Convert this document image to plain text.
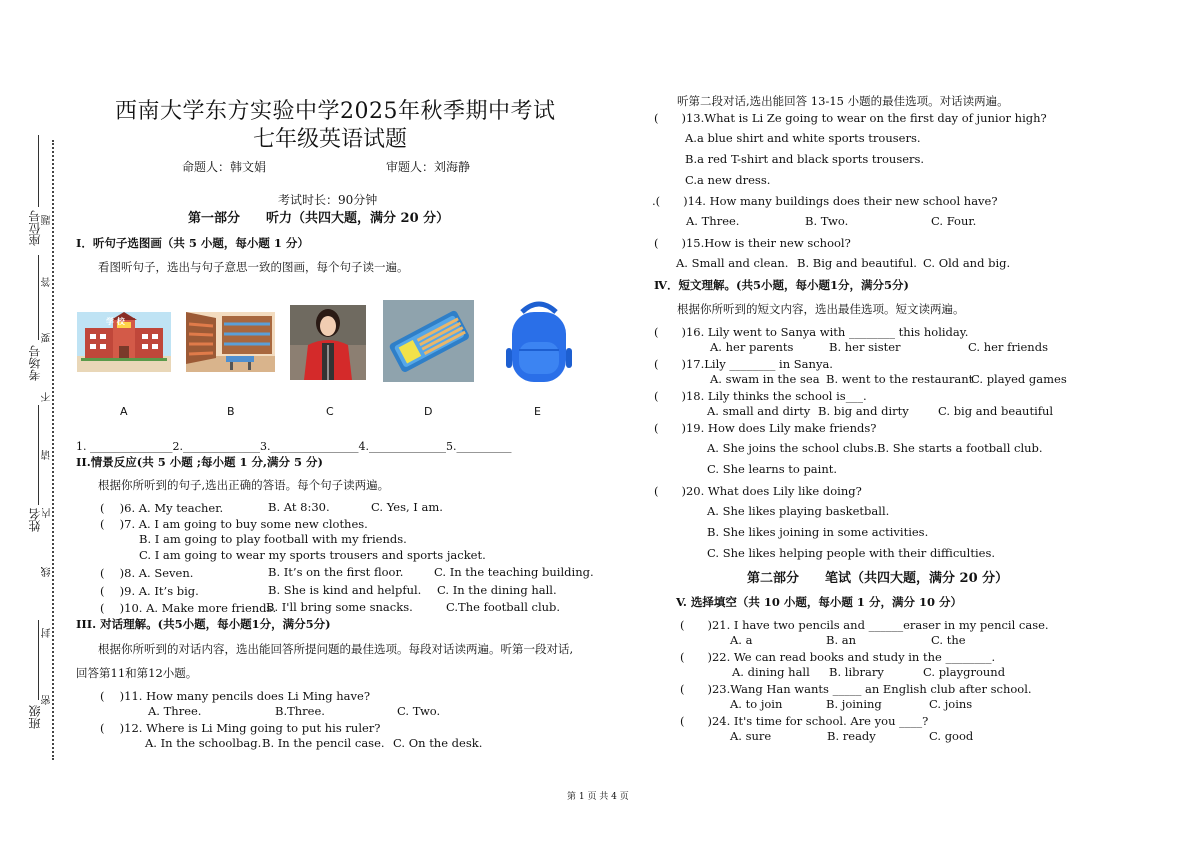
班级
姓名
考场号
座位号
密
封
线
内
请
不
要
答
题
西南大学东方实验中学2025年秋季期中考试
七年级英语试题
命题人：韩文娟	审题人：刘海静
考试时长：90分钟
第一部分　　听力（共四大题，满分 20 分）
I．听句子选图画（共 5 小题，每小题 1 分）
看图听句子，选出与句子意思一致的图画，每个句子读一遍。
学 校
A	B	C	D	E
1. _______________2.______________3.________________4.______________5.__________
II.情景反应(共 5 小题 ;每小题 1 分,满分 5 分)
根据你所听到的句子,选出正确的答语。每个句子读两遍。
(　 )6. A. My teacher.	B. At 8:30.	C. Yes, I am.
(　 )7. A. I am going to buy some new clothes.
B. I am going to play football with my friends.
C. I am going to wear my sports trousers and sports jacket.
(　 )8. A. Seven.	B. It’s on the first floor.	C. In the teaching building.
(　 )9. A. It’s big.	B. She is kind and helpful. C. In the dining hall.
(　 )10. A. Make more friends.
B. I'll bring some snacks.	C.The football club.
III. 对话理解。(共5小题，每小题1分，满分5分)
根据你所听到的对话内容，选出能回答所提问题的最佳选项。每段对话读两遍。听第一段对话,
回答第11和第12小题。
(　 )11. How many pencils does Li Ming have?
A. Three.	B.Three.	C. Two.
(　 )12. Where is Li Ming going to put his ruler?
A. In the schoolbag. B. In the pencil case. C. On the desk.
听第二段对话,选出能回答 13-15 小题的最佳选项。对话读两遍。
(　　)13.What is Li Ze going to wear on the first day of junior high?
A.a blue shirt and white sports trousers.
B.a red T-shirt and black sports trousers.
C.a new dress.
.(　　)14. How many buildings does their new school have?
A. Three.	B. Two.	C. Four.
(　　)15.How is their new school?
A. Small and clean. B. Big and beautiful. C. Old and big.
Ⅳ．短文理解。(共5小题，每小题1分，满分5分)
根据你所听到的短文内容，选出最佳选项。短文读两遍。
(　　)16. Lily went to Sanya with ________ this holiday.
A. her parents	B. her sister	C. her friends
(　　)17.Lily ________ in Sanya.
A. swam in the sea B. went to the restaurant
C. played games
(　　)18. Lily thinks the school is___.
A. small and dirty B. big and dirty	C. big and beautiful
(　　)19. How does Lily make friends?
A. She joins the school clubs. B. She starts a football club.
C. She learns to paint.
(　　)20. What does Lily like doing?
A. She likes playing basketball.
B. She likes joining in some activities.
C. She likes helping people with their difficulties.
第二部分　　笔试（共四大题，满分 20 分）
V. 选择填空（共 10 小题，每小题 1 分，满分 10 分）
(　　)21. I have two pencils and ______eraser in my pencil case.
A. a	B. an	C. the
(　　)22. We can read books and study in the ________.
A. dining hall B. library	C. playground
(　　)23.Wang Han wants _____ an English club after school.
A. to join	B. joining	C. joins
(　　)24. It's time for school. Are you ____?
A. sure	B. ready	C. good
第 1 页 共 4 页
